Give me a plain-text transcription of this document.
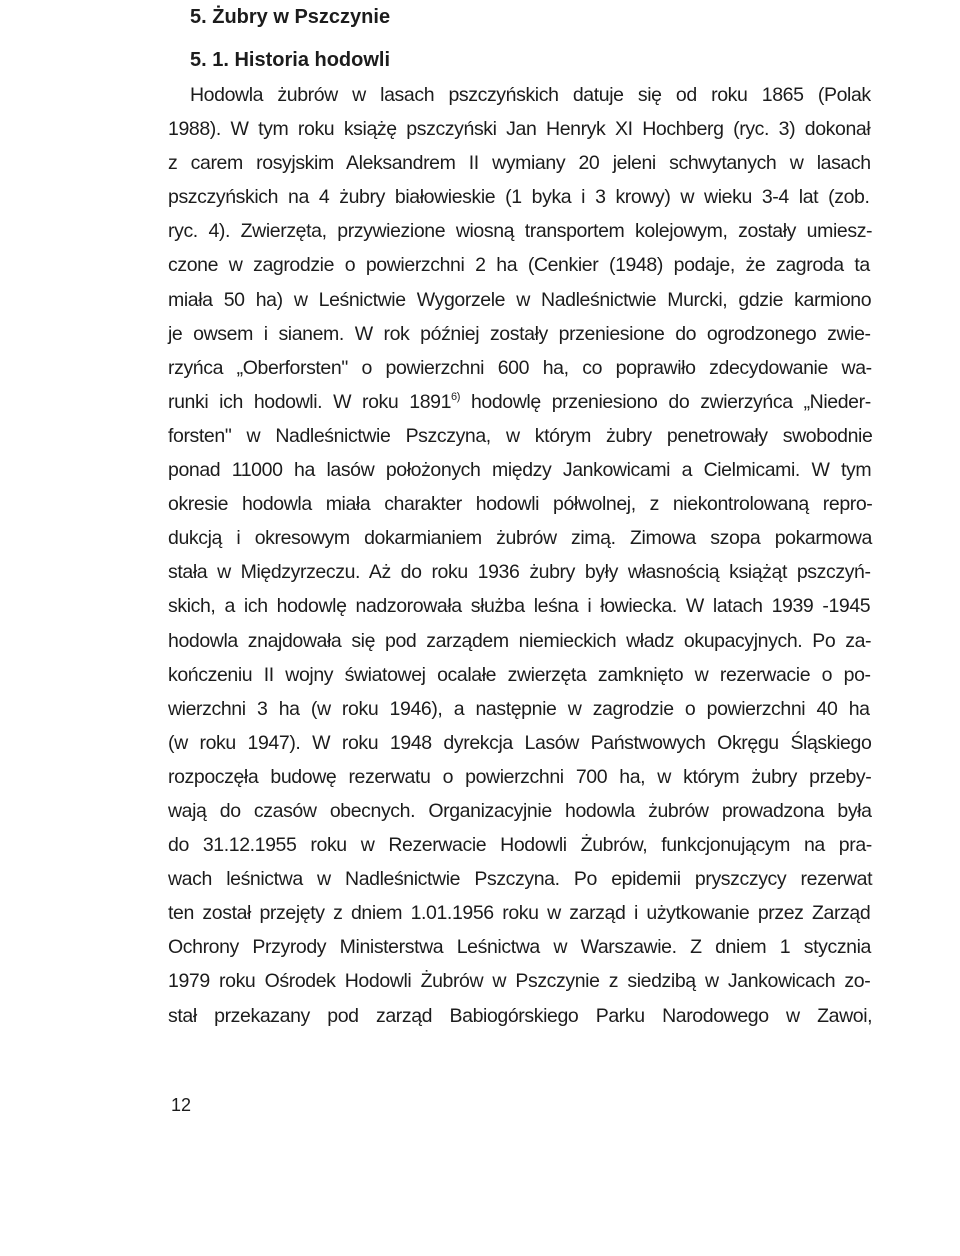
5. Żubry w Pszczynie
5. 1. Historia hodowli
Hodowla żubrów w lasach pszczyńskich datuje się od roku 1865 (Polak
1988). W tym roku książę pszczyński Jan Henryk XI Hochberg (ryc. 3) dokonał
z carem rosyjskim Aleksandrem II wymiany 20 jeleni schwytanych w lasach
pszczyńskich na 4 żubry białowieskie (1 byka i 3 krowy) w wieku 3-4 lat (zob.
ryc. 4). Zwierzęta, przywiezione wiosną transportem kolejowym, zostały umiesz-
czone w zagrodzie o powierzchni 2 ha (Cenkier (1948) podaje, że zagroda ta
miała 50 ha) w Leśnictwie Wygorzele w Nadleśnictwie Murcki, gdzie karmiono
je owsem i sianem. W rok później zostały przeniesione do ogrodzonego zwie-
rzyńca „Oberforsten" o powierzchni 600 ha, co poprawiło zdecydowanie wa-
runki ich hodowli. W roku 1891$^{6)}$ hodowlę przeniesiono do zwierzyńca „Nieder-
forsten" w Nadleśnictwie Pszczyna, w którym żubry penetrowały swobodnie
ponad 11000 ha lasów położonych między Jankowicami a Cielmicami. W tym
okresie hodowla miała charakter hodowli półwolnej, z niekontrolowaną repro-
dukcją i okresowym dokarmianiem żubrów zimą. Zimowa szopa pokarmowa
stała w Międzyrzeczu. Aż do roku 1936 żubry były własnością książąt pszczyń-
skich, a ich hodowlę nadzorowała służba leśna i łowiecka. W latach 1939 -1945
hodowla znajdowała się pod zarządem niemieckich władz okupacyjnych. Po za-
kończeniu II wojny światowej ocalałe zwierzęta zamknięto w rezerwacie o po-
wierzchni 3 ha (w roku 1946), a następnie w zagrodzie o powierzchni 40 ha
(w roku 1947). W roku 1948 dyrekcja Lasów Państwowych Okręgu Śląskiego
rozpoczęła budowę rezerwatu o powierzchni 700 ha, w którym żubry przeby-
wają do czasów obecnych. Organizacyjnie hodowla żubrów prowadzona była
do 31.12.1955 roku w Rezerwacie Hodowli Żubrów, funkcjonującym na pra-
wach leśnictwa w Nadleśnictwie Pszczyna. Po epidemii pryszczycy rezerwat
ten został przejęty z dniem 1.01.1956 roku w zarząd i użytkowanie przez Zarząd
Ochrony Przyrody Ministerstwa Leśnictwa w Warszawie. Z dniem 1 stycznia
1979 roku Ośrodek Hodowli Żubrów w Pszczynie z siedzibą w Jankowicach zo-
stał przekazany pod zarząd Babiogórskiego Parku Narodowego w Zawoi,
12
